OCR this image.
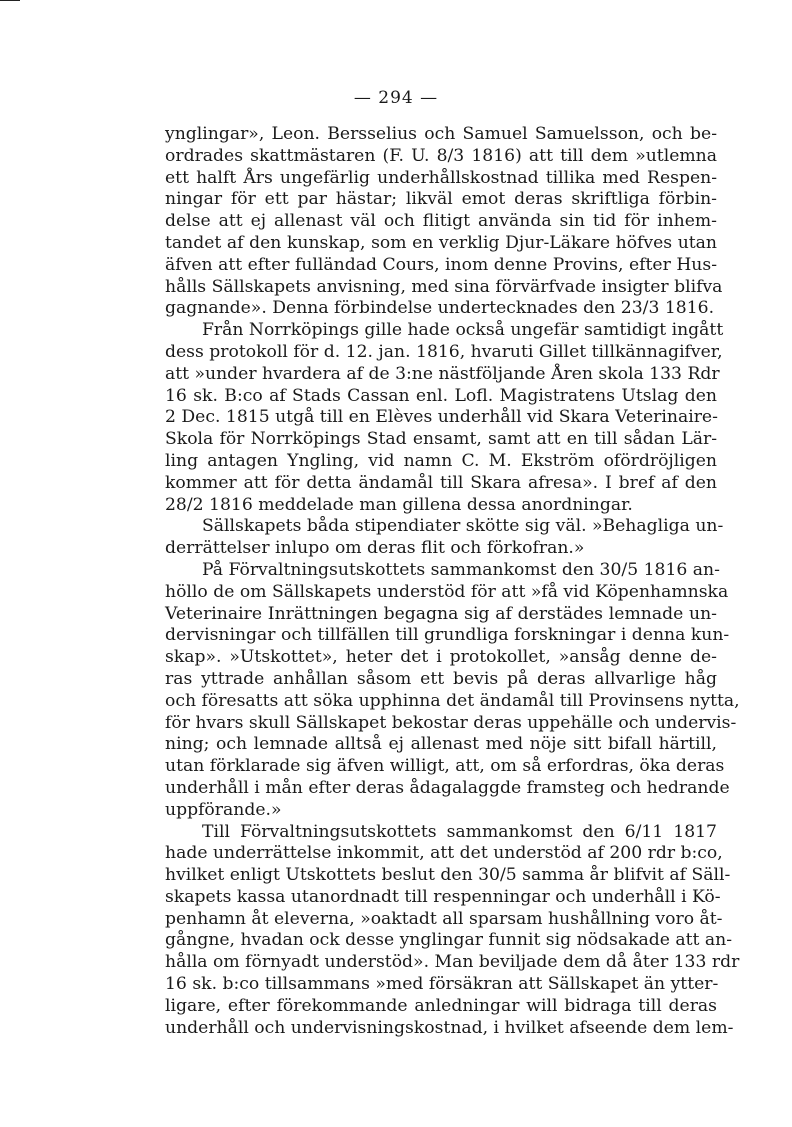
— 294 —
ynglingar», Leon. Bersselius och Samuel Samuelsson, och be-
ordrades skattmästaren (F. U. 8/3 1816) att till dem »utlemna
ett halft Års ungefärlig underhållskostnad tillika med Respen-
ningar för ett par hästar; likväl emot deras skriftliga förbin-
delse att ej allenast väl och flitigt använda sin tid för inhem-
tandet af den kunskap, som en verklig Djur-Läkare höfves utan
äfven att efter fulländad Cours, inom denne Provins, efter Hus-
hålls Sällskapets anvisning, med sina förvärfvade insigter blifva
gagnande». Denna förbindelse undertecknades den 23/3 1816.
Från Norrköpings gille hade också ungefär samtidigt ingått
dess protokoll för d. 12. jan. 1816, hvaruti Gillet tillkännagifver,
att »under hvardera af de 3:ne nästföljande Åren skola 133 Rdr
16 sk. B:co af Stads Cassan enl. Lofl. Magistratens Utslag den
2 Dec. 1815 utgå till en Elèves underhåll vid Skara Veterinaire-
Skola för Norrköpings Stad ensamt, samt att en till sådan Lär-
ling antagen Yngling, vid namn C. M. Ekström ofördröjligen
kommer att för detta ändamål till Skara afresa». I bref af den
28/2 1816 meddelade man gillena dessa anordningar.
Sällskapets båda stipendiater skötte sig väl. »Behagliga un-
derrättelser inlupo om deras flit och förkofran.»
På Förvaltningsutskottets sammankomst den 30/5 1816 an-
höllo de om Sällskapets understöd för att »få vid Köpenhamnska
Veterinaire Inrättningen begagna sig af derstädes lemnade un-
dervisningar och tillfällen till grundliga forskningar i denna kun-
skap». »Utskottet», heter det i protokollet, »ansåg denne de-
ras yttrade anhållan såsom ett bevis på deras allvarlige håg
och föresatts att söka upphinna det ändamål till Provinsens nytta,
för hvars skull Sällskapet bekostar deras uppehälle och undervis-
ning; och lemnade alltså ej allenast med nöje sitt bifall härtill,
utan förklarade sig äfven willigt, att, om så erfordras, öka deras
underhåll i mån efter deras ådagalaggde framsteg och hedrande
uppförande.»
Till Förvaltningsutskottets sammankomst den 6/11 1817
hade underrättelse inkommit, att det understöd af 200 rdr b:co,
hvilket enligt Utskottets beslut den 30/5 samma år blifvit af Säll-
skapets kassa utanordnadt till respenningar och underhåll i Kö-
penhamn åt eleverna, »oaktadt all sparsam hushållning voro åt-
gångne, hvadan ock desse ynglingar funnit sig nödsakade att an-
hålla om förnyadt understöd». Man beviljade dem då åter 133 rdr
16 sk. b:co tillsammans »med försäkran att Sällskapet än ytter-
ligare, efter förekommande anledningar will bidraga till deras
underhåll och undervisningskostnad, i hvilket afseende dem lem-
